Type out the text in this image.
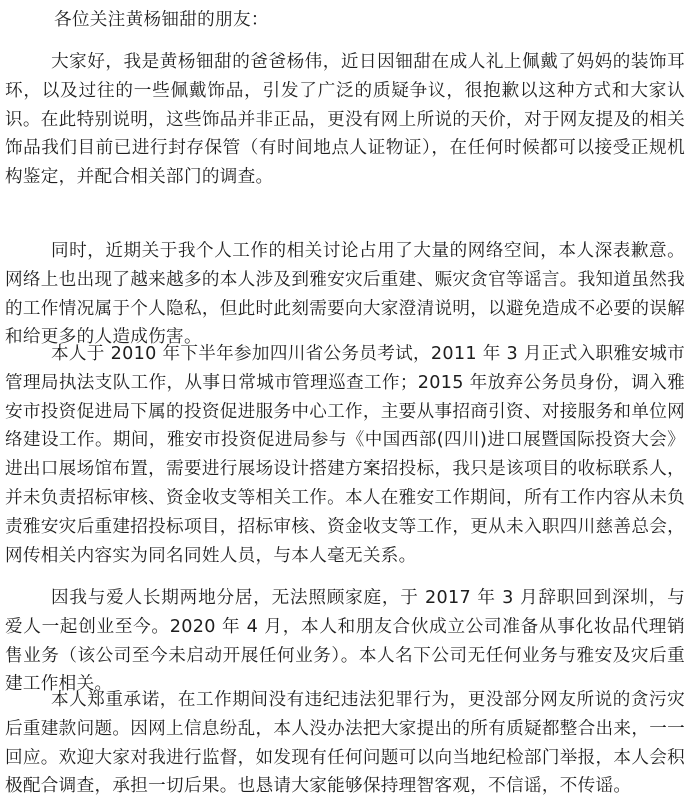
各位关注黄杨钿甜的朋友：

大家好，我是黄杨钿甜的爸爸杨伟，近日因钿甜在成人礼上佩戴了妈妈的装饰耳环，以及过往的一些佩戴饰品，引发了广泛的质疑争议，很抱歉以这种方式和大家认识。在此特别说明，这些饰品并非正品，更没有网上所说的天价，对于网友提及的相关饰品我们目前已进行封存保管（有时间地点人证物证），在任何时候都可以接受正规机构鉴定，并配合相关部门的调查。

同时，近期关于我个人工作的相关讨论占用了大量的网络空间，本人深表歉意。网络上也出现了越来越多的本人涉及到雅安灾后重建、赈灾贪官等谣言。我知道虽然我的工作情况属于个人隐私，但此时此刻需要向大家澄清说明，以避免造成不必要的误解和给更多的人造成伤害。

本人于 2010 年下半年参加四川省公务员考试，2011 年 3 月正式入职雅安城市管理局执法支队工作，从事日常城市管理巡查工作；2015 年放弃公务员身份，调入雅安市投资促进局下属的投资促进服务中心工作，主要从事招商引资、对接服务和单位网络建设工作。期间，雅安市投资促进局参与《中国西部(四川)进口展暨国际投资大会》进出口展场馆布置，需要进行展场设计搭建方案招投标，我只是该项目的收标联系人，并未负责招标审核、资金收支等相关工作。本人在雅安工作期间，所有工作内容从未负责雅安灾后重建招投标项目，招标审核、资金收支等工作，更从未入职四川慈善总会，网传相关内容实为同名同姓人员，与本人毫无关系。

因我与爱人长期两地分居，无法照顾家庭，于 2017 年 3 月辞职回到深圳，与爱人一起创业至今。2020 年 4 月，本人和朋友合伙成立公司准备从事化妆品代理销售业务（该公司至今未启动开展任何业务）。本人名下公司无任何业务与雅安及灾后重建工作相关。

本人郑重承诺，在工作期间没有违纪违法犯罪行为，更没部分网友所说的贪污灾后重建款问题。因网上信息纷乱，本人没办法把大家提出的所有质疑都整合出来，一一回应。欢迎大家对我进行监督，如发现有任何问题可以向当地纪检部门举报，本人会积极配合调查，承担一切后果。也恳请大家能够保持理智客观，不信谣，不传谣。
